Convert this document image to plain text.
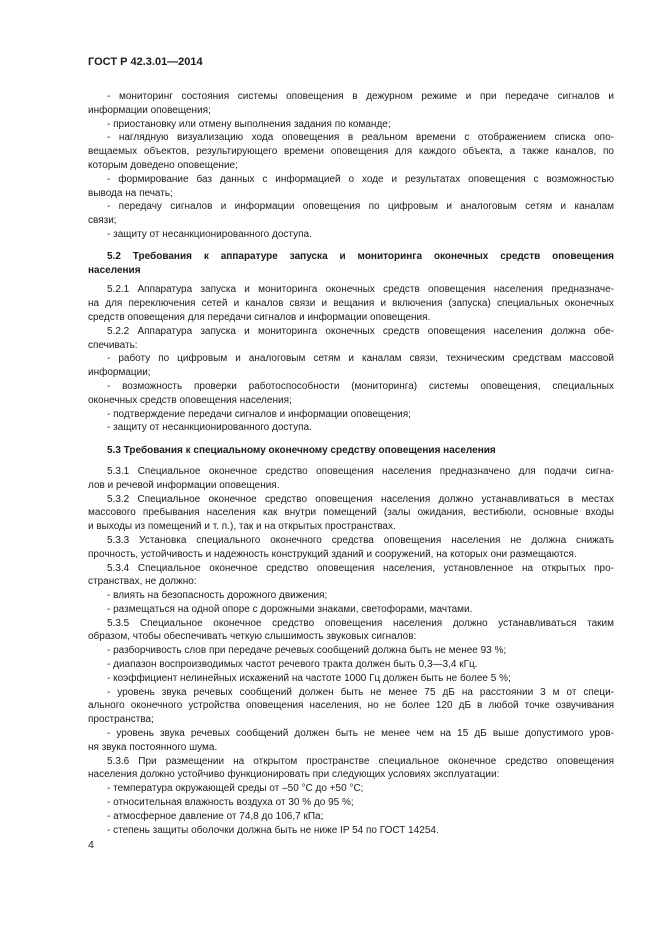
ГОСТ Р 42.3.01—2014
- мониторинг состояния системы оповещения в дежурном режиме и при передаче сигналов и
информации оповещения;
- приостановку или отмену выполнения задания по команде;
- наглядную визуализацию хода оповещения в реальном времени с отображением списка опо-
вещаемых объектов, результирующего времени оповещения для каждого объекта, а также каналов, по
которым доведено оповещение;
- формирование баз данных с информацией о ходе и результатах оповещения с возможностью
вывода на печать;
- передачу сигналов и информации оповещения по цифровым и аналоговым сетям и каналам
связи;
- защиту от несанкционированного доступа.
5.2 Требования к аппаратуре запуска и мониторинга оконечных средств оповещения
населения
5.2.1 Аппаратура запуска и мониторинга оконечных средств оповещения населения предназначе-
на для переключения сетей и каналов связи и вещания и включения (запуска) специальных оконечных
средств оповещения для передачи сигналов и информации оповещения.
5.2.2 Аппаратура запуска и мониторинга оконечных средств оповещения населения должна обе-
спечивать:
- работу по цифровым и аналоговым сетям и каналам связи, техническим средствам массовой
информации;
- возможность проверки работоспособности (мониторинга) системы оповещения, специальных
оконечных средств оповещения населения;
- подтверждение передачи сигналов и информации оповещения;
- защиту от несанкционированного доступа.
5.3 Требования к специальному оконечному средству оповещения населения
5.3.1 Специальное оконечное средство оповещения населения предназначено для подачи сигна-
лов и речевой информации оповещения.
5.3.2 Специальное оконечное средство оповещения населения должно устанавливаться в местах
массового пребывания населения как внутри помещений (залы ожидания, вестибюли, основные входы
и выходы из помещений и т. п.), так и на открытых пространствах.
5.3.3 Установка специального оконечного средства оповещения населения не должна снижать
прочность, устойчивость и надежность конструкций зданий и сооружений, на которых они размещаются.
5.3.4 Специальное оконечное средство оповещения населения, установленное на открытых про-
странствах, не должно:
- влиять на безопасность дорожного движения;
- размещаться на одной опоре с дорожными знаками, светофорами, мачтами.
5.3.5 Специальное оконечное средство оповещения населения должно устанавливаться таким
образом, чтобы обеспечивать четкую слышимость звуковых сигналов:
- разборчивость слов при передаче речевых сообщений должна быть не менее 93 %;
- диапазон воспроизводимых частот речевого тракта должен быть 0,3—3,4 кГц.
- коэффициент нелинейных искажений на частоте 1000 Гц должен быть не более 5 %;
- уровень звука речевых сообщений должен быть не менее 75 дБ на расстоянии 3 м от специ-
ального оконечного устройства оповещения населения, но не более 120 дБ в любой точке озвучивания
пространства;
- уровень звука речевых сообщений должен быть не менее чем на 15 дБ выше допустимого уров-
ня звука постоянного шума.
5.3.6 При размещении на открытом пространстве специальное оконечное средство оповещения
населения должно устойчиво функционировать при следующих условиях эксплуатации:
- температура окружающей среды от –50 °С до +50 °С;
- относительная влажность воздуха от 30 % до 95 %;
- атмосферное давление от 74,8 до 106,7 кПа;
- степень защиты оболочки должна быть не ниже IP 54 по ГОСТ 14254.
4
